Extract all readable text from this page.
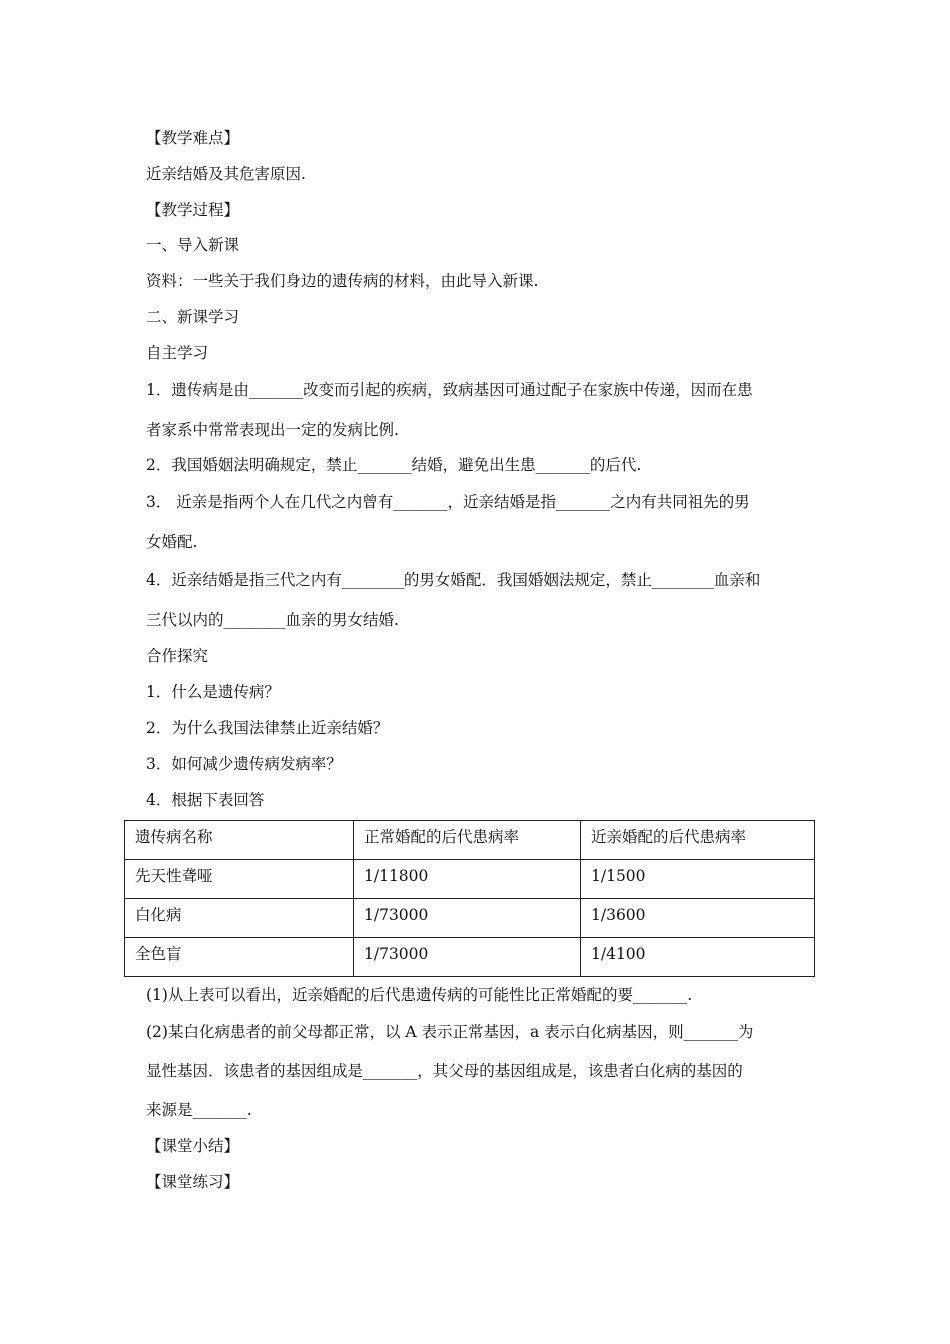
【教学难点】
近亲结婚及其危害原因.
【教学过程】
一、导入新课
资料：一些关于我们身边的遗传病的材料，由此导入新课.
二、新课学习
自主学习
1．遗传病是由_______改变而引起的疾病，致病基因可通过配子在家族中传递，因而在患
者家系中常常表现出一定的发病比例.
2．我国婚姻法明确规定，禁止_______结婚，避免出生患_______的后代.
3． 近亲是指两个人在几代之内曾有_______，近亲结婚是指_______之内有共同祖先的男
女婚配.
4．近亲结婚是指三代之内有________的男女婚配．我国婚姻法规定，禁止________血亲和
三代以内的________血亲的男女结婚.
合作探究
1．什么是遗传病？
2．为什么我国法律禁止近亲结婚？
3．如何减少遗传病发病率？
4．根据下表回答
遗传病名称	正常婚配的后代患病率	近亲婚配的后代患病率

先天性聋哑	1/11800	1/1500

白化病	1/73000	1/3600

全色盲	1/73000	1/4100
(1)从上表可以看出，近亲婚配的后代患遗传病的可能性比正常婚配的要_______.
(2)某白化病患者的前父母都正常，以 A 表示正常基因，a 表示白化病基因，则_______为
显性基因．该患者的基因组成是_______，其父母的基因组成是，该患者白化病的基因的
来源是_______.
【课堂小结】
【课堂练习】
